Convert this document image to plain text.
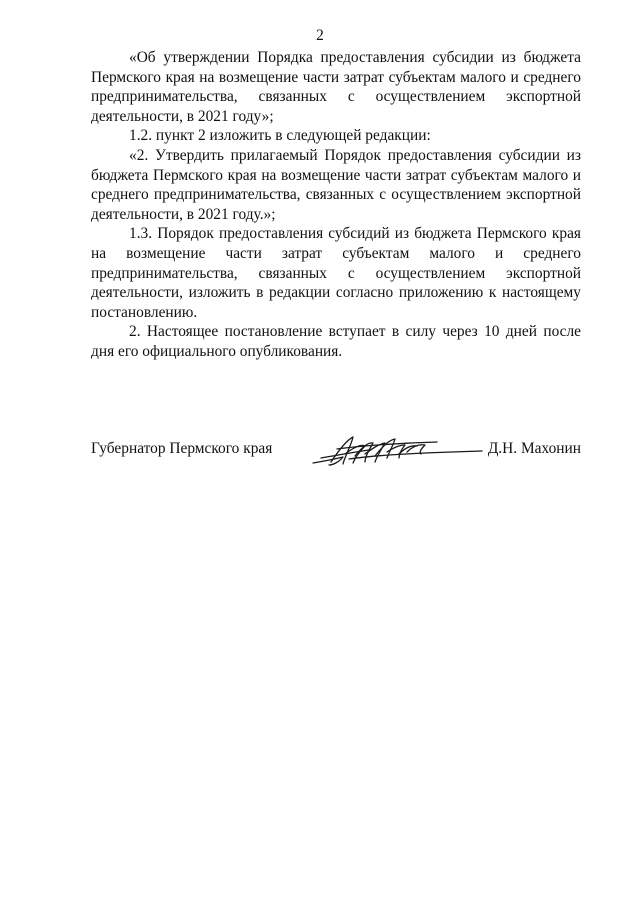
2

«Об утверждении Порядка предоставления субсидии из бюджета Пермского края на возмещение части затрат субъектам малого и среднего предпринимательства, связанных с осуществлением экспортной деятельности, в 2021 году»;

1.2. пункт 2 изложить в следующей редакции:

«2. Утвердить прилагаемый Порядок предоставления субсидии из бюджета Пермского края на возмещение части затрат субъектам малого и среднего предпринимательства, связанных с осуществлением экспортной деятельности, в 2021 году.»;

1.3. Порядок предоставления субсидий из бюджета Пермского края на возмещение части затрат субъектам малого и среднего предпринимательства, связанных с осуществлением экспортной деятельности, изложить в редакции согласно приложению к настоящему постановлению.

2. Настоящее постановление вступает в силу через 10 дней после дня его официального опубликования.

Губернатор Пермского края	Д.Н. Махонин
